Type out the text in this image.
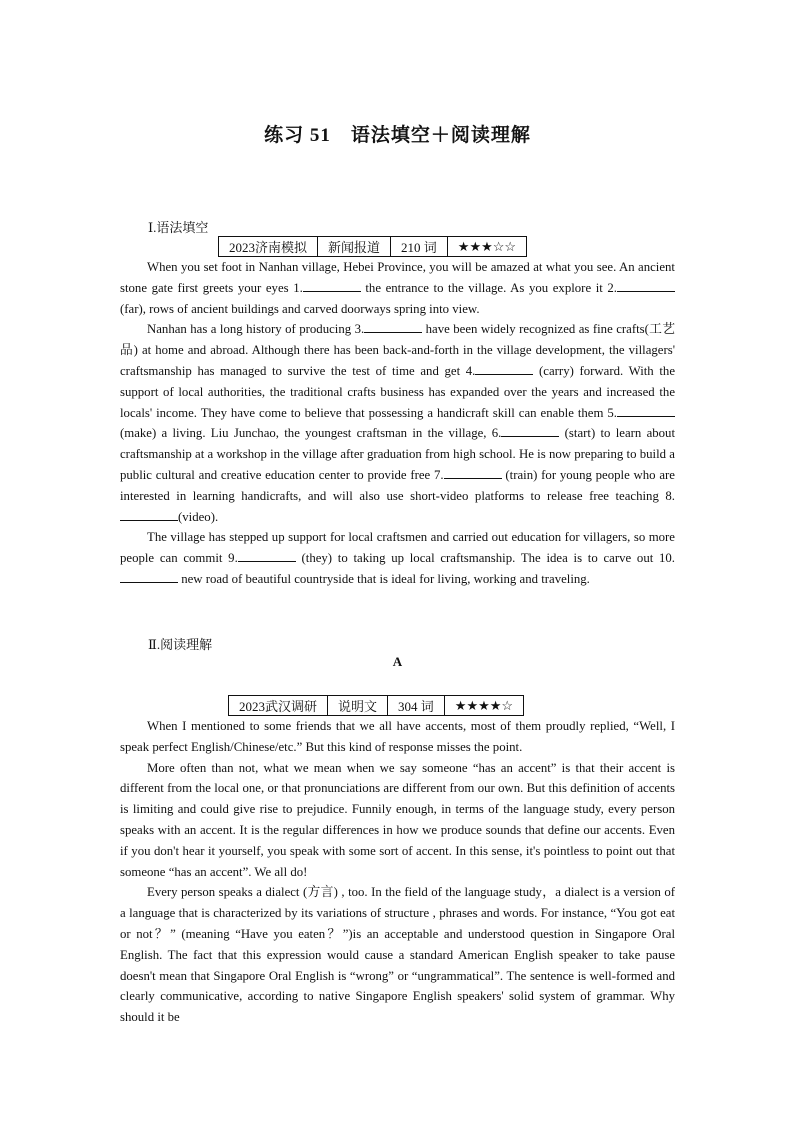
练习 51　语法填空＋阅读理解
Ⅰ.语法填空
2023济南模拟	新闻报道	210 词	★★★☆☆

When you set foot in Nanhan village, Hebei Province, you will be amazed at what you see. An ancient stone gate first greets your eyes 1.	the entrance to the village. As you explore it 2. (far), rows of ancient buildings and carved doorways spring into view.

Nanhan has a long history of producing 3.	have been widely recognized as fine crafts(工艺品) at home and abroad. Although there has been back-and-forth in the village development, the villagers' craftsmanship has managed to survive the test of time and get 4.	(carry) forward. With the support of local authorities, the traditional crafts business has expanded over the years and increased the locals' income. They have come to believe that possessing a handicraft skill can enable them 5. (make) a living. Liu Junchao, the youngest craftsman in the village, 6.	(start) to learn about craftsmanship at a workshop in the village after graduation from high school. He is now preparing to build a public cultural and creative education center to provide free 7.	(train) for young people who are interested in learning handicrafts, and will also use short-video platforms to release free teaching 8.(video).

The village has stepped up support for local craftsmen and carried out education for villagers, so more people can commit 9.	(they) to taking up local craftsmanship. The idea is to carve out 10. new road of beautiful countryside that is ideal for living, working and traveling.

Ⅱ.阅读理解
A
2023武汉调研	说明文	304 词	★★★★☆

When I mentioned to some friends that we all have accents, most of them proudly replied, “Well, I speak perfect English/Chinese/etc.” But this kind of response misses the point.

More often than not, what we mean when we say someone “has an accent” is that their accent is different from the local one, or that pronunciations are different from our own. But this definition of accents is limiting and could give rise to prejudice. Funnily enough, in terms of the language study, every person speaks with an accent. It is the regular differences in how we produce sounds that define our accents. Even if you don't hear it yourself, you speak with some sort of accent. In this sense, it's pointless to point out that someone “has an accent”. We all do!

Every person speaks a dialect (方言) , too. In the field of the language study，a dialect is a version of a language that is characterized by its variations of structure , phrases and words. For instance, “You got eat or not？” (meaning “Have you eaten？”)is an acceptable and understood question in Singapore Oral English. The fact that this expression would cause a standard American English speaker to take pause doesn't mean that Singapore Oral English is “wrong” or “ungrammatical”. The sentence is well-formed and clearly communicative, according to native Singapore English speakers' solid system of grammar. Why should it be
